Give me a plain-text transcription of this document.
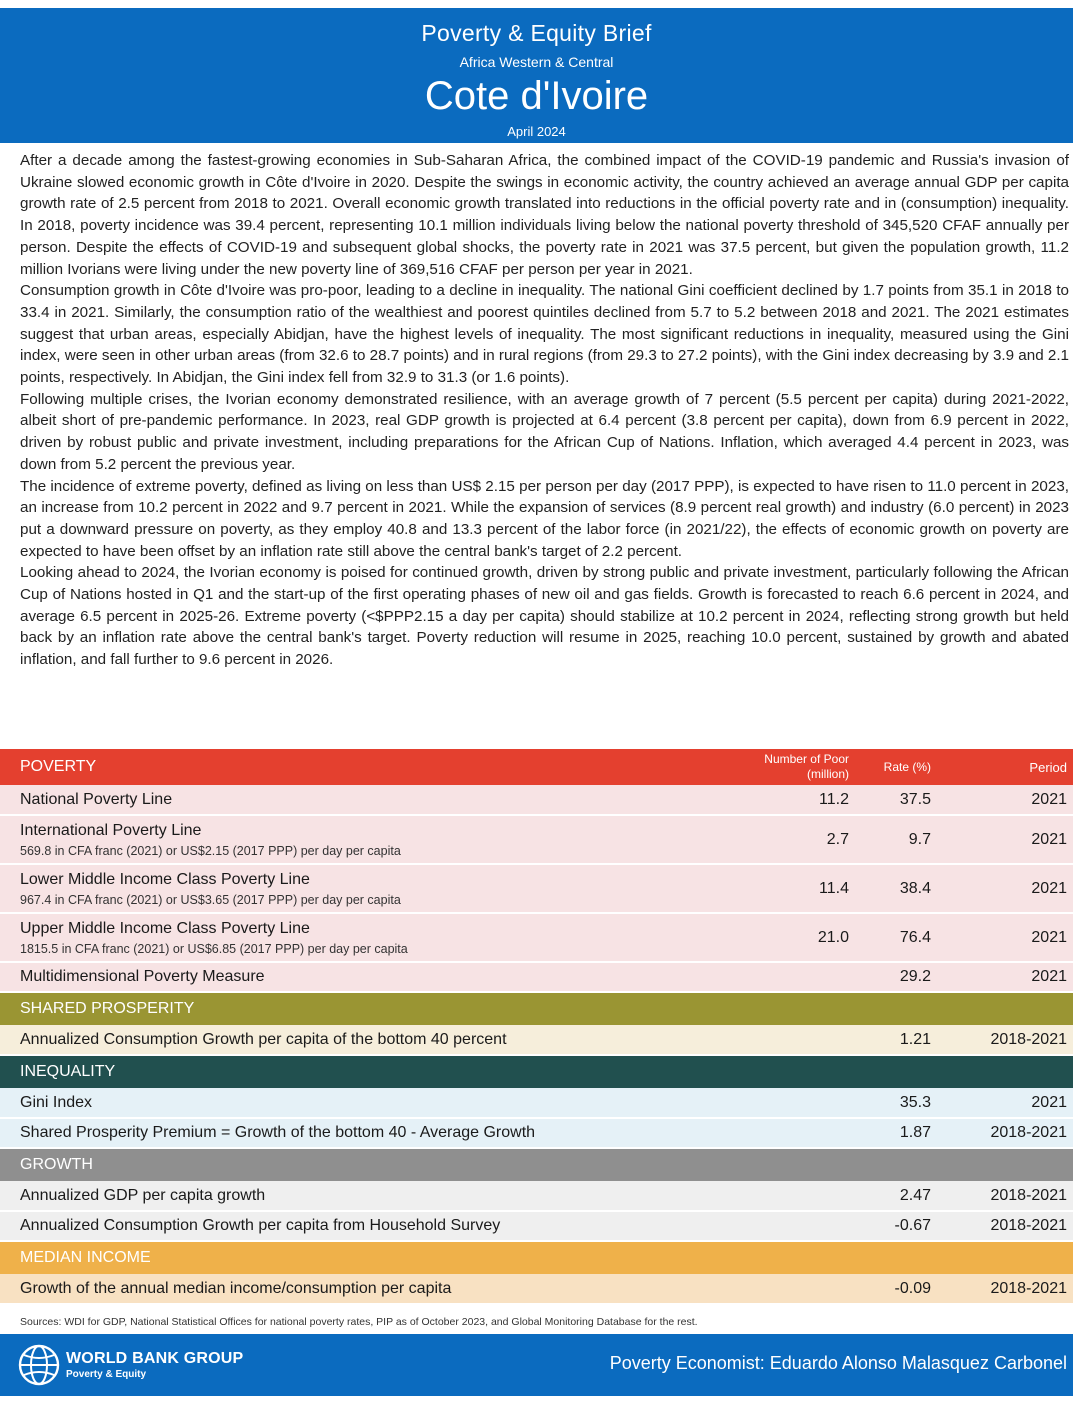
Poverty & Equity Brief
Africa Western & Central
Cote d'Ivoire
April 2024

After a decade among the fastest-growing economies in Sub-Saharan Africa, the combined impact of the COVID-19 pandemic and Russia's invasion of Ukraine slowed economic growth in Côte d'Ivoire in 2020. Despite the swings in economic activity, the country achieved an average annual GDP per capita growth rate of 2.5 percent from 2018 to 2021. Overall economic growth translated into reductions in the official poverty rate and in (consumption) inequality. In 2018, poverty incidence was 39.4 percent, representing 10.1 million individuals living below the national poverty threshold of 345,520 CFAF annually per person. Despite the effects of COVID-19 and subsequent global shocks, the poverty rate in 2021 was 37.5 percent, but given the population growth, 11.2 million Ivorians were living under the new poverty line of 369,516 CFAF per person per year in 2021.

Consumption growth in Côte d'Ivoire was pro-poor, leading to a decline in inequality. The national Gini coefficient declined by 1.7 points from 35.1 in 2018 to 33.4 in 2021. Similarly, the consumption ratio of the wealthiest and poorest quintiles declined from 5.7 to 5.2 between 2018 and 2021. The 2021 estimates suggest that urban areas, especially Abidjan, have the highest levels of inequality. The most significant reductions in inequality, measured using the Gini index, were seen in other urban areas (from 32.6 to 28.7 points) and in rural regions (from 29.3 to 27.2 points), with the Gini index decreasing by 3.9 and 2.1 points, respectively. In Abidjan, the Gini index fell from 32.9 to 31.3 (or 1.6 points).

Following multiple crises, the Ivorian economy demonstrated resilience, with an average growth of 7 percent (5.5 percent per capita) during 2021-2022, albeit short of pre-pandemic performance. In 2023, real GDP growth is projected at 6.4 percent (3.8 percent per capita), down from 6.9 percent in 2022, driven by robust public and private investment, including preparations for the African Cup of Nations. Inflation, which averaged 4.4 percent in 2023, was down from 5.2 percent the previous year.

The incidence of extreme poverty, defined as living on less than US$ 2.15 per person per day (2017 PPP), is expected to have risen to 11.0 percent in 2023, an increase from 10.2 percent in 2022 and 9.7 percent in 2021. While the expansion of services (8.9 percent real growth) and industry (6.0 percent) in 2023 put a downward pressure on poverty, as they employ 40.8 and 13.3 percent of the labor force (in 2021/22), the effects of economic growth on poverty are expected to have been offset by an inflation rate still above the central bank's target of 2.2 percent.

Looking ahead to 2024, the Ivorian economy is poised for continued growth, driven by strong public and private investment, particularly following the African Cup of Nations hosted in Q1 and the start-up of the first operating phases of new oil and gas fields. Growth is forecasted to reach 6.6 percent in 2024, and average 6.5 percent in 2025-26. Extreme poverty (<$PPP2.15 a day per capita) should stabilize at 10.2 percent in 2024, reflecting strong growth but held back by an inflation rate above the central bank's target. Poverty reduction will resume in 2025, reaching 10.0 percent, sustained by growth and abated inflation, and fall further to 9.6 percent in 2026.

POVERTY	Number of Poor (million)	Rate (%)	Period
National Poverty Line	11.2	37.5	2021
International Poverty Line
569.8 in CFA franc (2021) or US$2.15 (2017 PPP) per day per capita	2.7	9.7	2021
Lower Middle Income Class Poverty Line
967.4 in CFA franc (2021) or US$3.65 (2017 PPP) per day per capita	11.4	38.4	2021
Upper Middle Income Class Poverty Line
1815.5 in CFA franc (2021) or US$6.85 (2017 PPP) per day per capita	21.0	76.4	2021
Multidimensional Poverty Measure		29.2	2021
SHARED PROSPERITY			
Annualized Consumption Growth per capita of the bottom 40 percent		1.21	2018-2021
INEQUALITY			
Gini Index		35.3	2021
Shared Prosperity Premium = Growth of the bottom 40 - Average Growth		1.87	2018-2021
GROWTH			
Annualized GDP per capita growth		2.47	2018-2021
Annualized Consumption Growth per capita from Household Survey		-0.67	2018-2021
MEDIAN INCOME			
Growth of the annual median income/consumption per capita		-0.09	2018-2021
Sources: WDI for GDP, National Statistical Offices for national poverty rates, PIP as of October 2023, and Global Monitoring Database for the rest.
WORLD BANK GROUP
Poverty & Equity
Poverty Economist: Eduardo Alonso Malasquez Carbonel
